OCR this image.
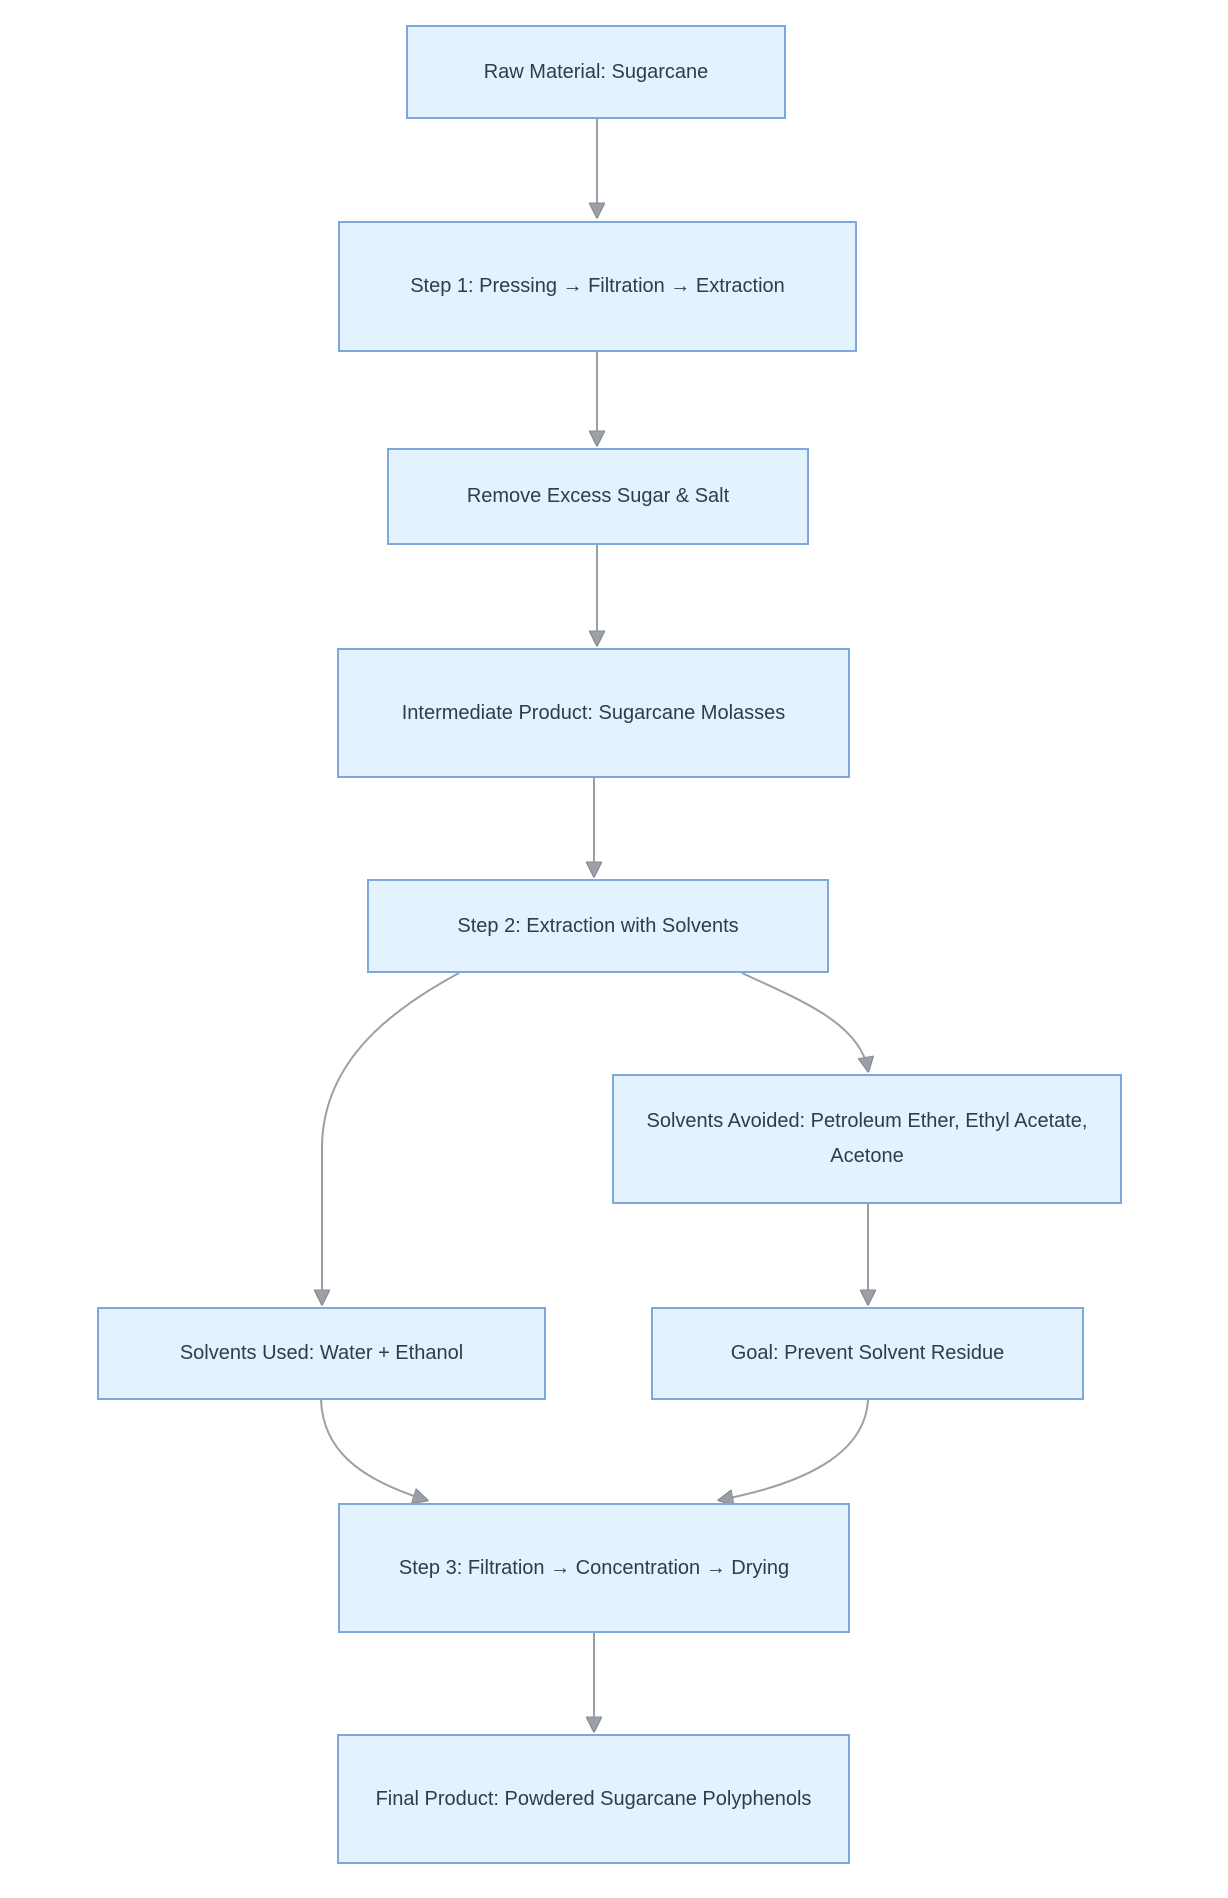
Raw Material: Sugarcane
Step 1: Pressing → Filtration → Extraction
Remove Excess Sugar & Salt
Intermediate Product: Sugarcane Molasses
Step 2: Extraction with Solvents
Solvents Avoided: Petroleum Ether, Ethyl Acetate, Acetone
Solvents Used: Water + Ethanol	Goal: Prevent Solvent Residue
Step 3: Filtration → Concentration → Drying
Final Product: Powdered Sugarcane Polyphenols
